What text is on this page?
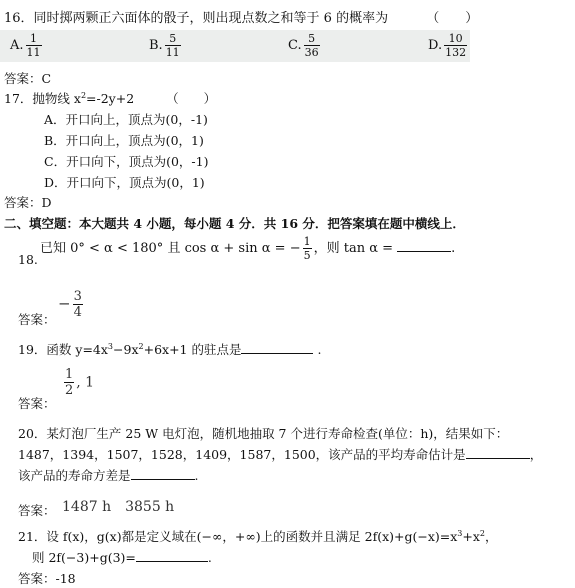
16．同时掷两颗正六面体的骰子，则出现点数之和等于 6 的概率为	（　　）
A. $\frac{1}{11}$	B. $\frac{5}{11}$	C. $\frac{5}{36}$	D. $\frac{10}{132}$
答案：C
17．抛物线 $x^2=-2y+2$	（　　）
A．开口向上，顶点为(0，-1)
B．开口向上，顶点为(0，1)
C．开口向下，顶点为(0，-1)
D．开口向下，顶点为(0，1)
答案：D
二、填空题：本大题共 4 小题，每小题 4 分．共 16 分．把答案填在题中横线上．
18.
已知 0° < α < 180° 且 cos α + sin α = − $\frac{1}{5}$ ，则 tan α =	.
答案：
− $\frac{3}{4}$
19．函数 $y=4x^3-9x^2+6x+1$ 的驻点是	.
答案：
$\frac{1}{2}$ , 1
20．某灯泡厂生产 25 W 电灯泡，随机地抽取 7 个进行寿命检查(单位：h)，结果如下：
1487，1394，1507，1528，1409，1587，1500，该产品的平均寿命估计是	，
该产品的寿命方差是	.
答案： 1487 h　3855 h
21．设 f(x)，g(x)都是定义域在(−∞，+∞)上的函数并且满足 $2f(x)+g(-x)=x^3+x^2$，
则 2f(−3)+g(3)=	.
答案：-18
